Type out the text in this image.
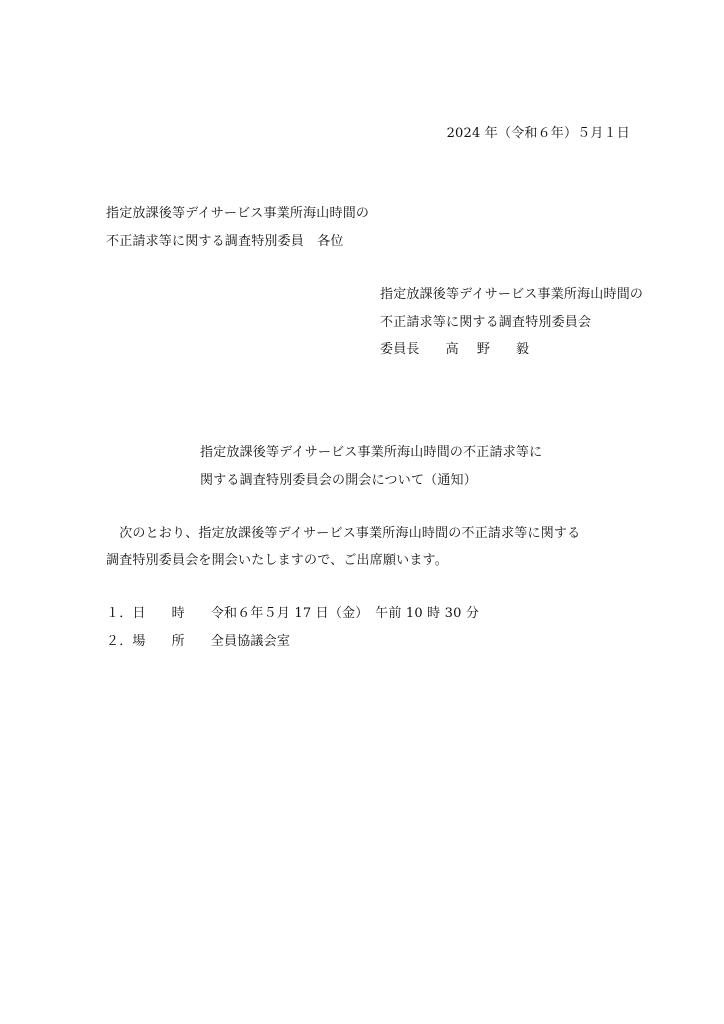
2024 年（令和６年）５月１日
指定放課後等デイサービス事業所海山時間の
不正請求等に関する調査特別委員　各位
指定放課後等デイサービス事業所海山時間の
不正請求等に関する調査特別委員会
委員長 高 野 毅
指定放課後等デイサービス事業所海山時間の不正請求等に
関する調査特別委員会の開会について（通知）
　次のとおり、指定放課後等デイサービス事業所海山時間の不正請求等に関する
調査特別委員会を開会いたしますので、ご出席願います。
１．日 時 令和６年５月 17 日（金）　午前 10 時 30 分
２．場 所 全員協議会室
